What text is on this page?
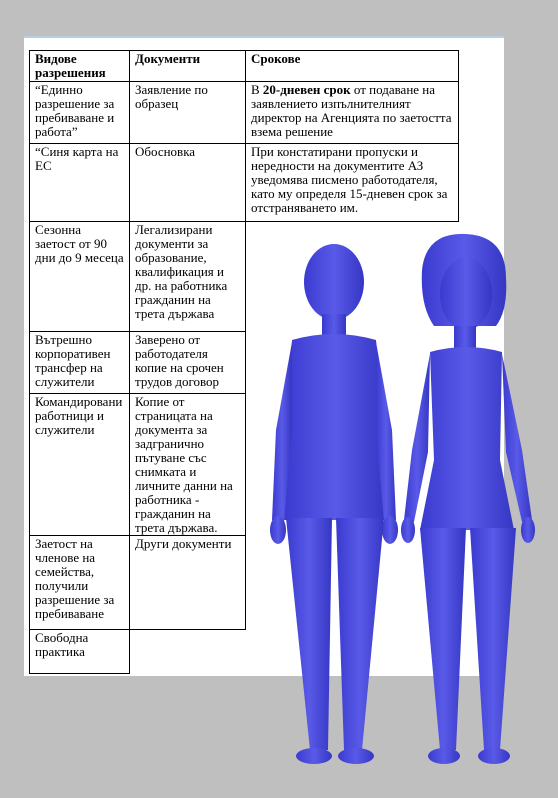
Видове разрешения	Документи	Срокове
“Единно разрешение за пребиваване и работа”	Заявление по образец	В 20-дневен срок от подаване на заявлението изпълнителният директор на Агенцията по заетостта взема решение
“Синя карта на ЕС	Обосновка	При констатирани пропуски и нередности на документите АЗ уведомява писмено работодателя, като му определя 15-дневен срок за отстраняването им.
Сезонна заетост от 90 дни до 9 месеца	Легализирани документи за образование, квалификация и др. на работника гражданин на трета държава	
Вътрешно корпоративен трансфер на служители	Заверено от работодателя копие на срочен трудов договор	
Командировани работници и служители	Копие от страницата на документа за задгранично пътуване със снимката и личните данни на работника - гражданин на трета държава.	
Заетост на членове на семейства, получили разрешение за пребиваване	Други документи	
Свободна практика		
